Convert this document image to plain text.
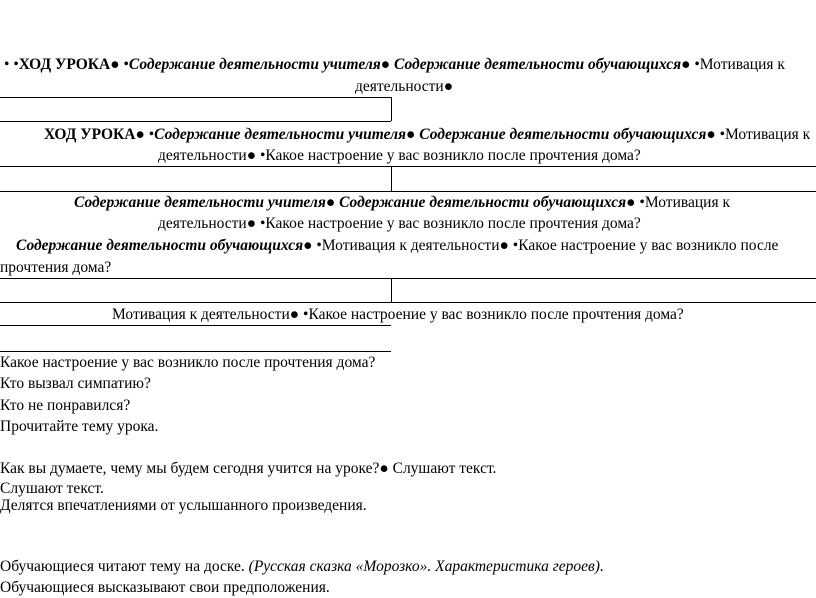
• •ХОД УРОКА● •Содержание деятельности учителя● Содержание деятельности обучающихся● •Мотивация к
деятельности●
ХОД УРОКА● •Содержание деятельности учителя● Содержание деятельности обучающихся● •Мотивация к
деятельности● •Какое настроение у вас возникло после прочтения дома?
Содержание деятельности учителя● Содержание деятельности обучающихся● •Мотивация к
деятельности● •Какое настроение у вас возникло после прочтения дома?
Содержание деятельности обучающихся● •Мотивация к деятельности● •Какое настроение у вас возникло после
прочтения дома?
Мотивация к деятельности● •Какое настроение у вас возникло после прочтения дома?
Какое настроение у вас возникло после прочтения дома?
Кто вызвал симпатию?
Кто не понравился?
Прочитайте тему урока.
Как вы думаете, чему мы будем сегодня учится на уроке?● Слушают текст.
Слушают текст.
Делятся впечатлениями от услышанного произведения.
Обучающиеся читают тему на доске. (Русская сказка «Морозко». Характеристика героев).
Обучающиеся высказывают свои предположения.
